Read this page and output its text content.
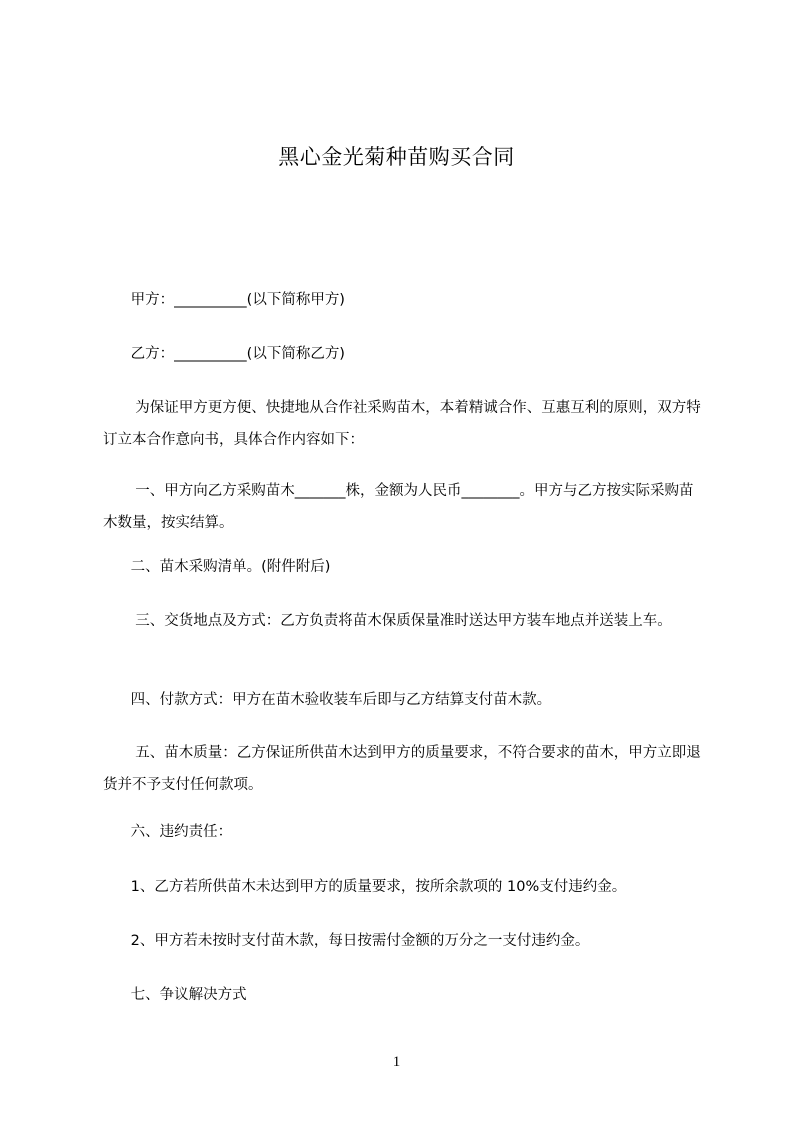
黑心金光菊种苗购买合同
甲方：__________(以下简称甲方)
乙方：__________(以下简称乙方)
为保证甲方更方便、快捷地从合作社采购苗木，本着精诚合作、互惠互利的原则，双方特订立本合作意向书，具体合作内容如下：
一、甲方向乙方采购苗木_______株，金额为人民币________。甲方与乙方按实际采购苗木数量，按实结算。
二、苗木采购清单。(附件附后)
三、交货地点及方式：乙方负责将苗木保质保量准时送达甲方装车地点并送装上车。
四、付款方式：甲方在苗木验收装车后即与乙方结算支付苗木款。
五、苗木质量：乙方保证所供苗木达到甲方的质量要求，不符合要求的苗木，甲方立即退货并不予支付任何款项。
六、违约责任：
1、乙方若所供苗木未达到甲方的质量要求，按所余款项的 10%支付违约金。
2、甲方若未按时支付苗木款，每日按需付金额的万分之一支付违约金。
七、争议解决方式
1
